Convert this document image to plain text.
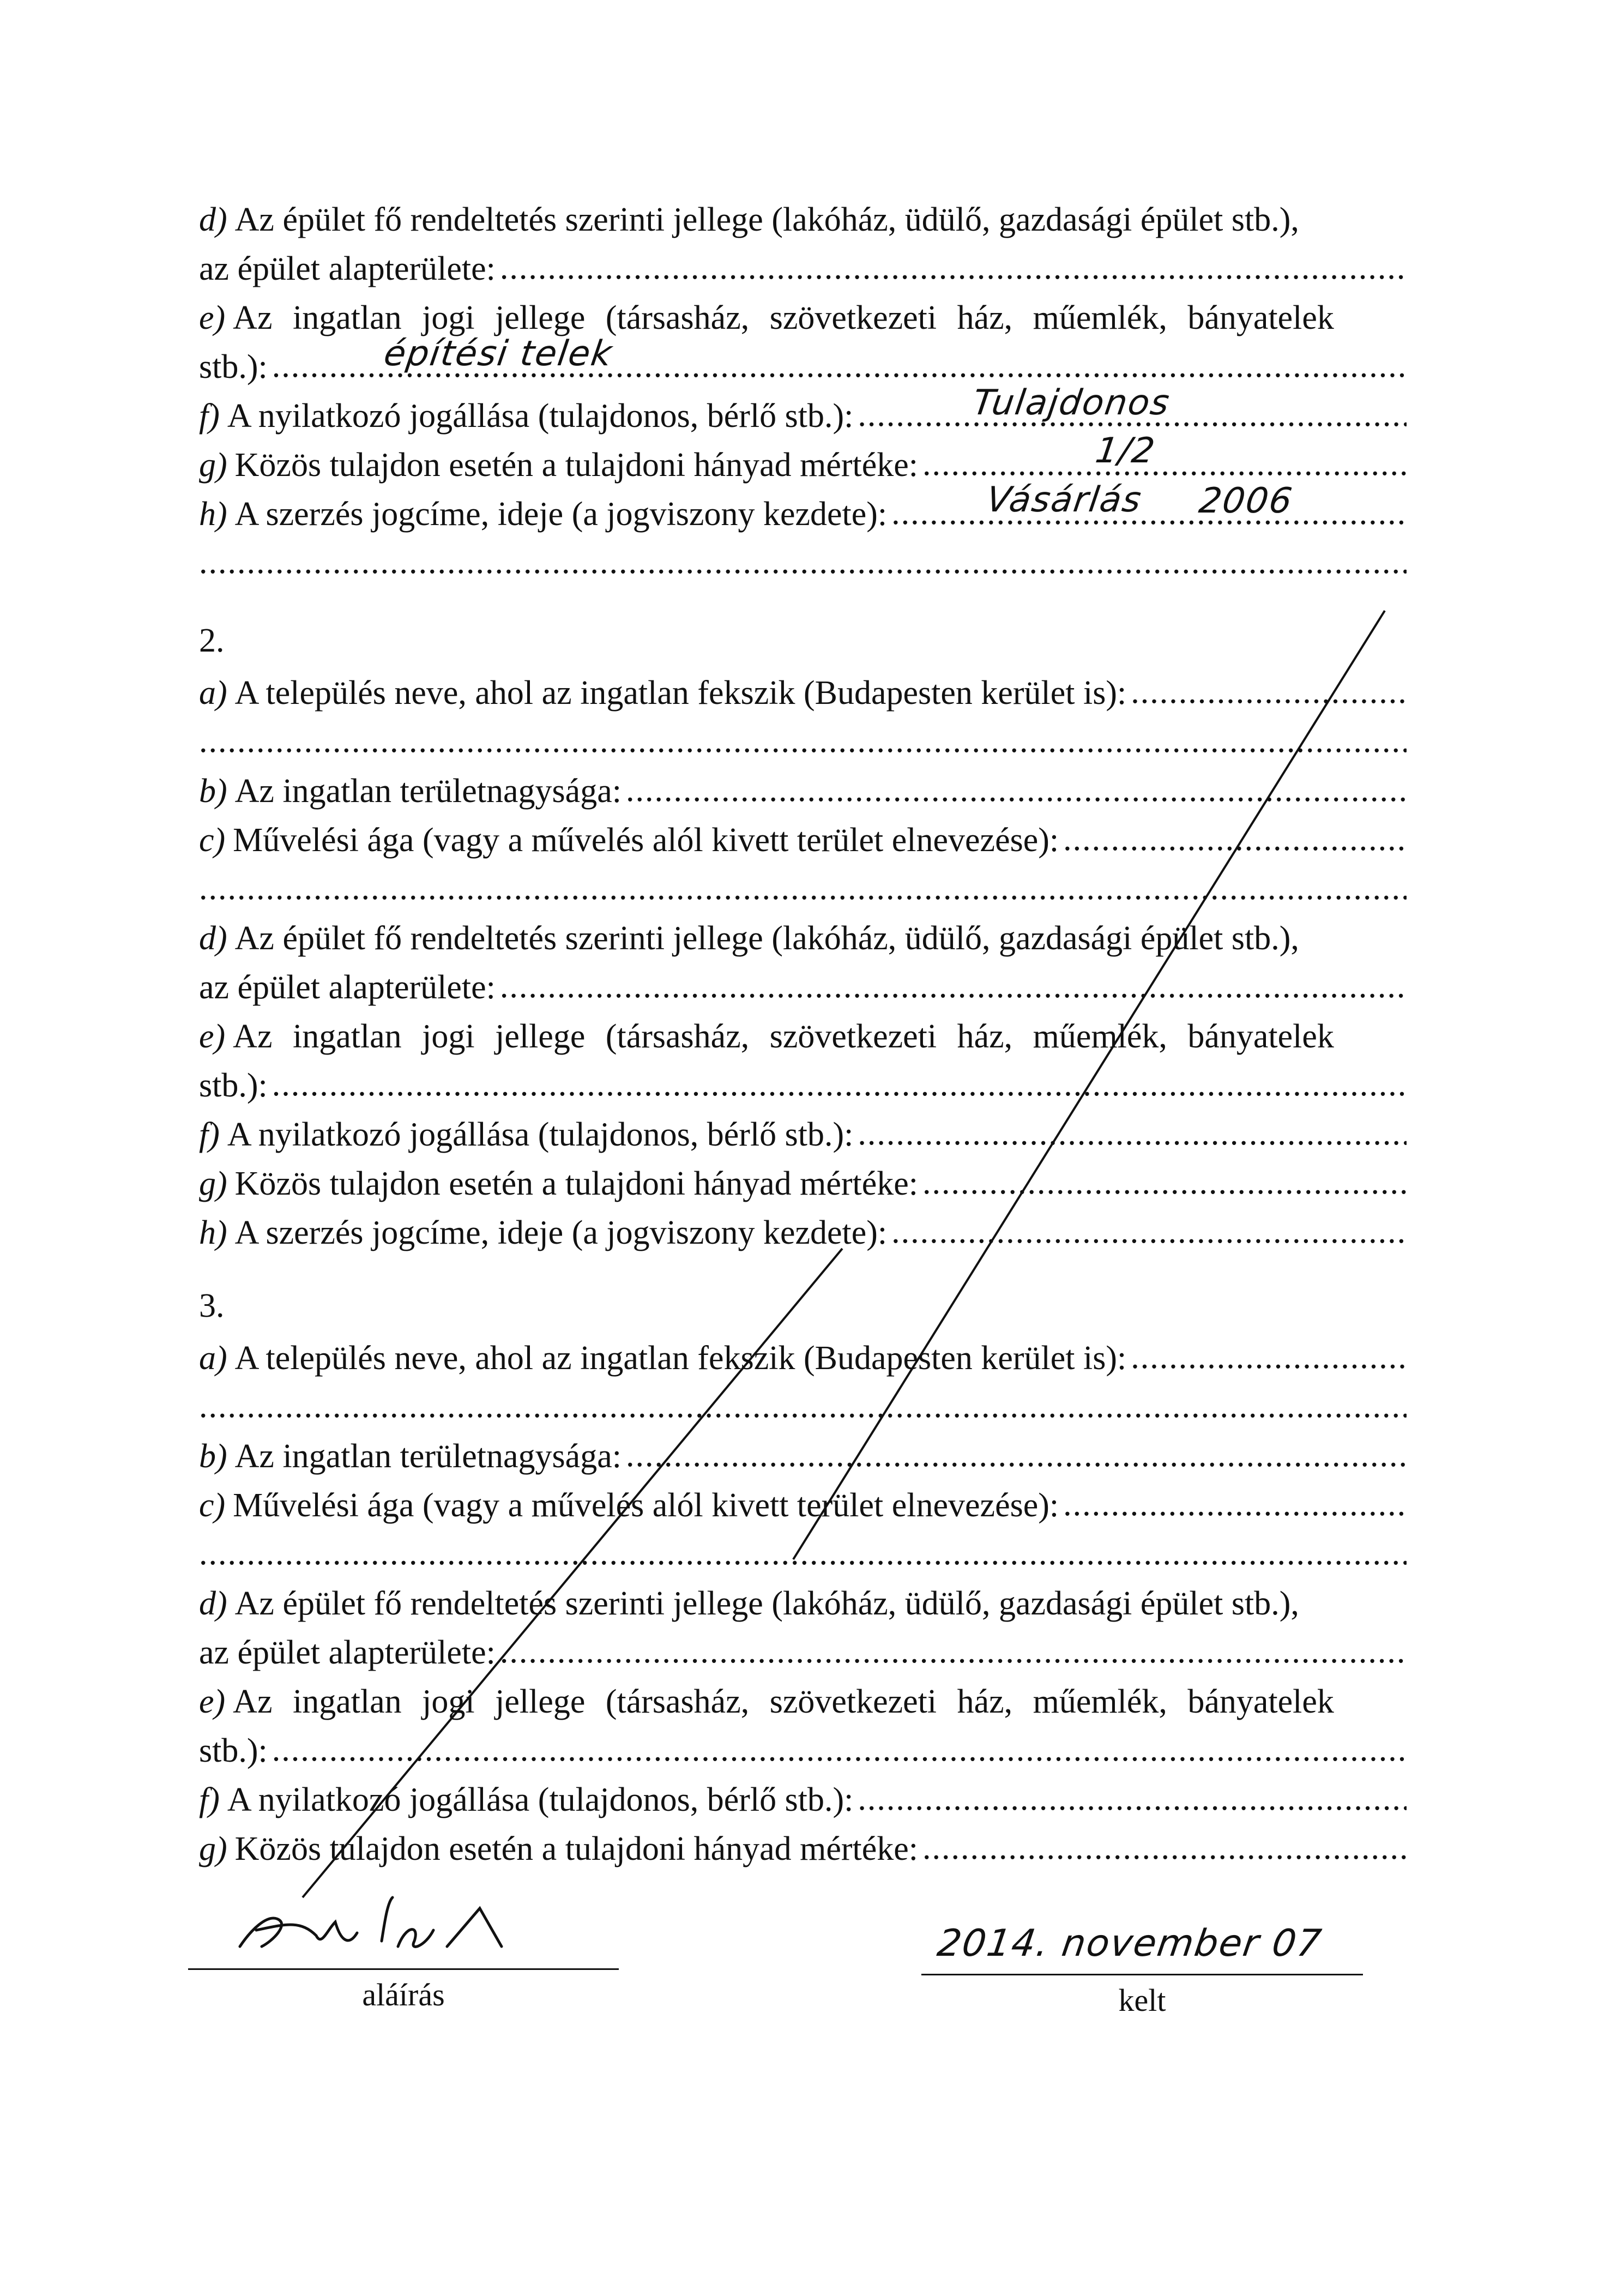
d) Az épület fő rendeltetés szerinti jellege (lakóház, üdülő, gazdasági épület stb.),
az épület alapterülete:
.....
e) Az ingatlan jogi jellege (társasház, szövetkezeti ház, műemlék, bányatelek
stb.): .....	építési telek
f) A nyilatkozó jogállása (tulajdonos, bérlő stb.): .....	Tulajdonos
g) Közös tulajdon esetén a tulajdoni hányad mértéke: .....	1/2
h) A szerzés jogcíme, ideje (a jogviszony kezdete): .....	Vásárlás 2006
.....
2.
a) A település neve, ahol az ingatlan fekszik (Budapesten kerület is):
.....
.....
b) Az ingatlan területnagysága:
.....
c) Művelési ága (vagy a művelés alól kivett terület elnevezése):
.....
.....
d) Az épület fő rendeltetés szerinti jellege (lakóház, üdülő, gazdasági épület stb.),
az épület alapterülete:
.....
e) Az ingatlan jogi jellege (társasház, szövetkezeti ház, műemlék, bányatelek
stb.):
.....
f) A nyilatkozó jogállása (tulajdonos, bérlő stb.):
.....
g) Közös tulajdon esetén a tulajdoni hányad mértéke:
.....
h) A szerzés jogcíme, ideje (a jogviszony kezdete):
.....
3.
a) A település neve, ahol az ingatlan fekszik (Budapesten kerület is):
.....
.....
b) Az ingatlan területnagysága:
.....
c) Művelési ága (vagy a művelés alól kivett terület elnevezése):
.....
.....
d) Az épület fő rendeltetés szerinti jellege (lakóház, üdülő, gazdasági épület stb.),
az épület alapterülete:
.....
e) Az ingatlan jogi jellege (társasház, szövetkezeti ház, műemlék, bányatelek
stb.):
.....
f) A nyilatkozó jogállása (tulajdonos, bérlő stb.):
.....
g) Közös tulajdon esetén a tulajdoni hányad mértéke:
.....
aláírás
2014. november 07
kelt
